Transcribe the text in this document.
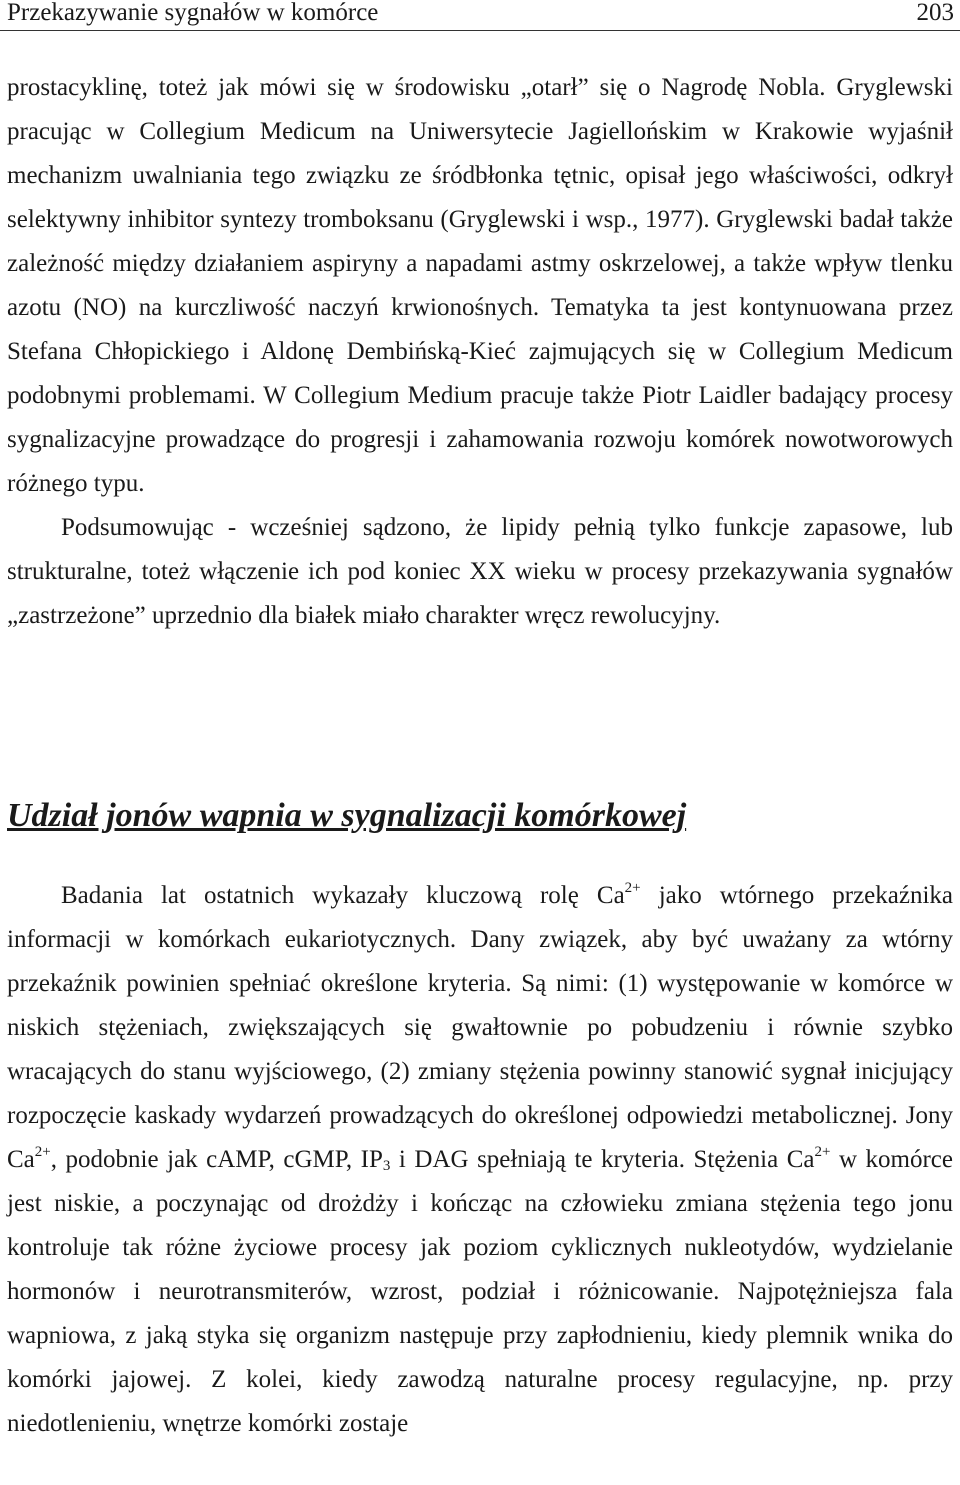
Przekazywanie sygnałów w komórce	203

prostacyklinę, toteż jak mówi się w środowisku „otarł” się o Nagrodę Nobla. Gryglewski pracując w Collegium Medicum na Uniwersytecie Jagiellońskim w Krakowie wyjaśnił mechanizm uwalniania tego związku ze śródbłonka tętnic, opisał jego właściwości, odkrył selektywny inhibitor syntezy tromboksanu (Gryglewski i wsp., 1977). Gryglewski badał także zależność między działaniem aspiryny a napadami astmy oskrzelowej, a także wpływ tlenku azotu (NO) na kurczliwość naczyń krwionośnych. Tematyka ta jest kontynuowana przez Stefana Chłopickiego i Aldonę Dembińską-Kieć zajmujących się w Collegium Medicum podobnymi problemami. W Collegium Medium pracuje także Piotr Laidler badający procesy sygnalizacyjne prowadzące do progresji i zahamowania rozwoju komórek nowotworowych różnego typu.

Podsumowując - wcześniej sądzono, że lipidy pełnią tylko funkcje zapasowe, lub strukturalne, toteż włączenie ich pod koniec XX wieku w procesy przekazywania sygnałów „zastrzeżone” uprzednio dla białek miało charakter wręcz rewolucyjny.

Udział jonów wapnia w sygnalizacji komórkowej

Badania lat ostatnich wykazały kluczową rolę $Ca^{2+}$ jako wtórnego przekaźnika informacji w komórkach eukariotycznych. Dany związek, aby być uważany za wtórny przekaźnik powinien spełniać określone kryteria. Są nimi: (1) występowanie w komórce w niskich stężeniach, zwiększających się gwałtownie po pobudzeniu i równie szybko wracających do stanu wyjściowego, (2) zmiany stężenia powinny stanowić sygnał inicjujący rozpoczęcie kaskady wydarzeń prowadzących do określonej odpowiedzi metabolicznej. Jony $Ca^{2+}$, podobnie jak cAMP, cGMP, $IP_3$ i DAG spełniają te kryteria. Stężenia $Ca^{2+}$ w komórce jest niskie, a poczynając od drożdży i kończąc na człowieku zmiana stężenia tego jonu kontroluje tak różne życiowe procesy jak poziom cyklicznych nukleotydów, wydzielanie hormonów i neurotransmiterów, wzrost, podział i różnicowanie. Najpotężniejsza fala wapniowa, z jaką styka się organizm następuje przy zapłodnieniu, kiedy plemnik wnika do komórki jajowej. Z kolei, kiedy zawodzą naturalne procesy regulacyjne, np. przy niedotlenieniu, wnętrze komórki zostaje
